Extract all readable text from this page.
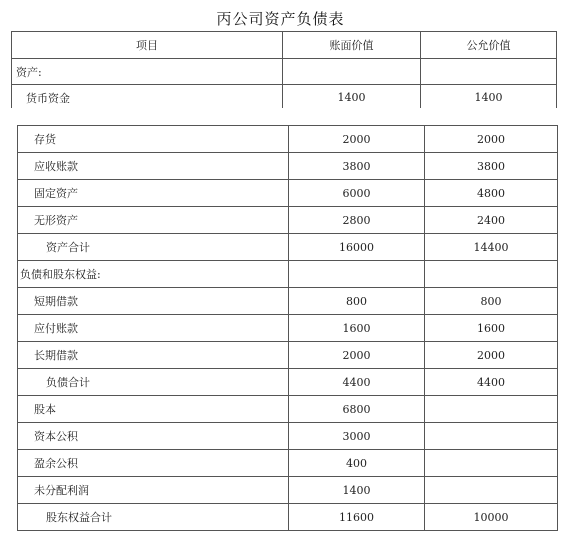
丙公司资产负债表
项目	账面价值	公允价值
资产:		
货币资金	1400	1400
存货	2000	2000
应收账款	3800	3800
固定资产	6000	4800
无形资产	2800	2400
资产合计	16000	14400
负债和股东权益:		
短期借款	800	800
应付账款	1600	1600
长期借款	2000	2000
负债合计	4400	4400
股本	6800	
资本公积	3000	
盈余公积	400	
未分配利润	1400	
股东权益合计	11600	10000
